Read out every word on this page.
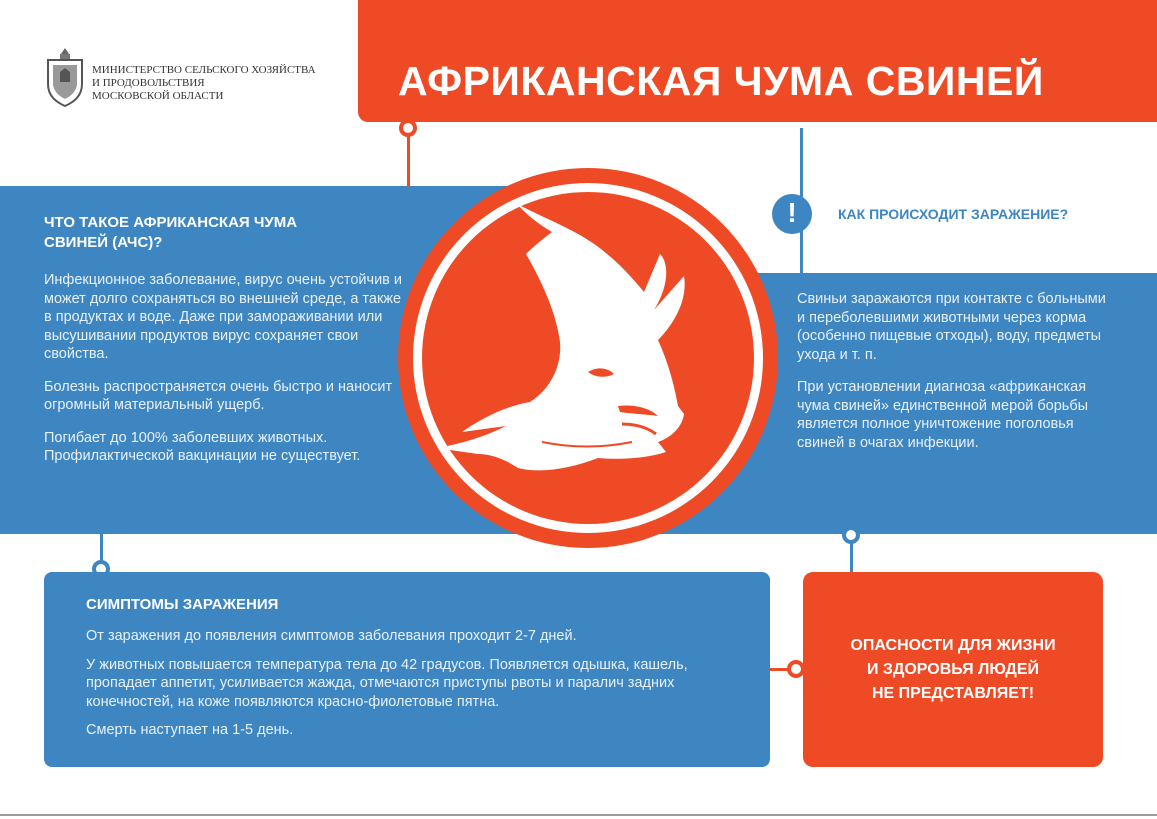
МИНИСТЕРСТВО СЕЛЬСКОГО ХОЗЯЙСТВА
И ПРОДОВОЛЬСТВИЯ
МОСКОВСКОЙ ОБЛАСТИ	АФРИКАНСКАЯ ЧУМА СВИНЕЙ
ЧТО ТАКОЕ АФРИКАНСКАЯ ЧУМА СВИНЕЙ (АЧС)?

Инфекционное заболевание, вирус очень устойчив и может долго сохраняться во внешней среде, а также в продуктах и воде. Даже при замораживании или высушивании продуктов вирус сохраняет свои свойства.

Болезнь распространяется очень быстро и наносит огромный материальный ущерб.

Погибает до 100% заболевших животных. Профилактической вакцинации не существует.

!	КАК ПРОИСХОДИТ ЗАРАЖЕНИЕ?

Свиньи заражаются при контакте с больными и переболевшими животными через корма (особенно пищевые отходы), воду, предметы ухода и т. п.

При установлении диагноза «африканская чума свиней» единственной мерой борьбы является полное уничтожение поголовья свиней в очагах инфекции.

СИМПТОМЫ ЗАРАЖЕНИЯ

От заражения до появления симптомов заболевания проходит 2-7 дней.

У животных повышается температура тела до 42 градусов. Появляется одышка, кашель, пропадает аппетит, усиливается жажда, отмечаются приступы рвоты и паралич задних конечностей, на коже появляются красно-фиолетовые пятна.

Смерть наступает на 1-5 день.

ОПАСНОСТИ ДЛЯ ЖИЗНИ
И ЗДОРОВЬЯ ЛЮДЕЙ
НЕ ПРЕДСТАВЛЯЕТ!
